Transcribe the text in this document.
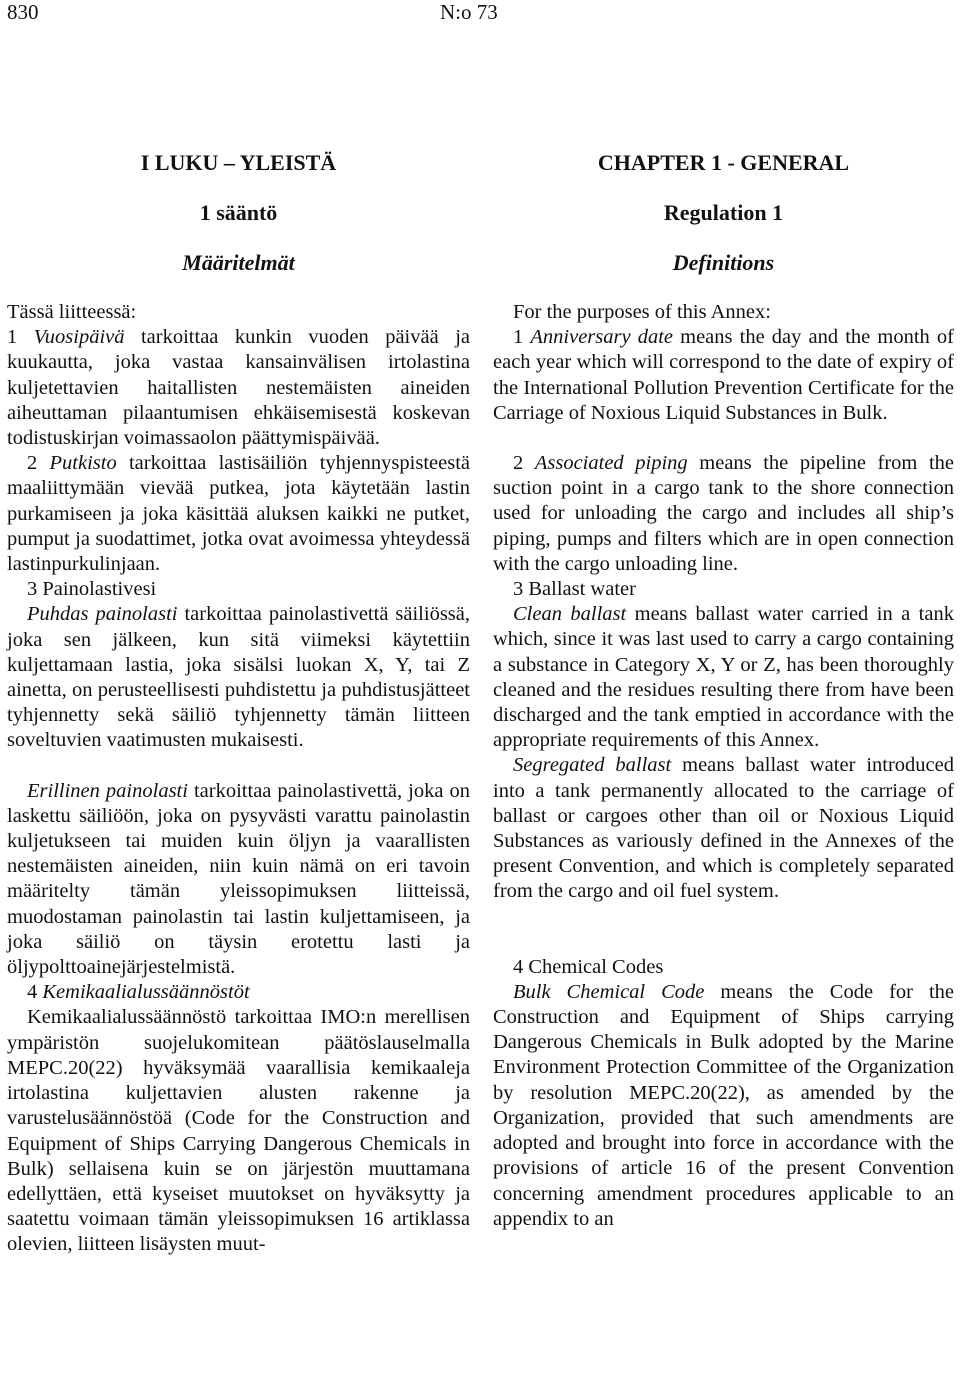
830	N:o 73
I LUKU – YLEISTÄ
1 sääntö
Määritelmät

Tässä liitteessä:

1 Vuosipäivä tarkoittaa kunkin vuoden päivää ja kuukautta, joka vastaa kansainvälisen irtolastina kuljetettavien haitallisten nestemäisten aineiden aiheuttaman pilaantumisen ehkäisemisestä koskevan todistuskirjan voimassaolon päättymispäivää.

2 Putkisto tarkoittaa lastisäiliön tyhjennyspisteestä maaliittymään vievää putkea, jota käytetään lastin purkamiseen ja joka käsittää aluksen kaikki ne putket, pumput ja suodattimet, jotka ovat avoimessa yhteydessä lastinpurkulinjaan.

3 Painolastivesi

Puhdas painolasti tarkoittaa painolastivettä säiliössä, joka sen jälkeen, kun sitä viimeksi käytettiin kuljettamaan lastia, joka sisälsi luokan X, Y, tai Z ainetta, on perusteellisesti puhdistettu ja puhdistusjätteet tyhjennetty sekä säiliö tyhjennetty tämän liitteen soveltuvien vaatimusten mukaisesti.

Erillinen painolasti tarkoittaa painolastivettä, joka on laskettu säiliöön, joka on pysyvästi varattu painolastin kuljetukseen tai muiden kuin öljyn ja vaarallisten nestemäisten aineiden, niin kuin nämä on eri tavoin määritelty tämän yleissopimuksen liitteissä, muodostaman painolastin tai lastin kuljettamiseen, ja joka säiliö on täysin erotettu lasti ja öljypolttoainejärjestelmistä.

4 Kemikaalialussäännöstöt

Kemikaalialussäännöstö tarkoittaa IMO:n merellisen ympäristön suojelukomitean päätöslauselmalla MEPC.20(22) hyväksymää vaarallisia kemikaaleja irtolastina kuljettavien alusten rakenne ja varustelusäännöstöä (Code for the Construction and Equipment of Ships Carrying Dangerous Chemicals in Bulk) sellaisena kuin se on järjestön muuttamana edellyttäen, että kyseiset muutokset on hyväksytty ja saatettu voimaan tämän yleissopimuksen 16 artiklassa olevien, liitteen lisäysten muut-

CHAPTER 1 - GENERAL
Regulation 1
Definitions

For the purposes of this Annex:

1 Anniversary date means the day and the month of each year which will correspond to the date of expiry of the International Pollution Prevention Certificate for the Carriage of Noxious Liquid Substances in Bulk.

2 Associated piping means the pipeline from the suction point in a cargo tank to the shore connection used for unloading the cargo and includes all ship’s piping, pumps and filters which are in open connection with the cargo unloading line.

3 Ballast water

Clean ballast means ballast water carried in a tank which, since it was last used to carry a cargo containing a substance in Category X, Y or Z, has been thoroughly cleaned and the residues resulting there from have been discharged and the tank emptied in accordance with the appropriate requirements of this Annex.

Segregated ballast means ballast water introduced into a tank permanently allocated to the carriage of ballast or cargoes other than oil or Noxious Liquid Substances as variously defined in the Annexes of the present Convention, and which is completely separated from the cargo and oil fuel system.

4 Chemical Codes

Bulk Chemical Code means the Code for the Construction and Equipment of Ships carrying Dangerous Chemicals in Bulk adopted by the Marine Environment Protection Committee of the Organization by resolution MEPC.20(22), as amended by the Organization, provided that such amendments are adopted and brought into force in accordance with the provisions of article 16 of the present Convention concerning amendment procedures applicable to an appendix to an
